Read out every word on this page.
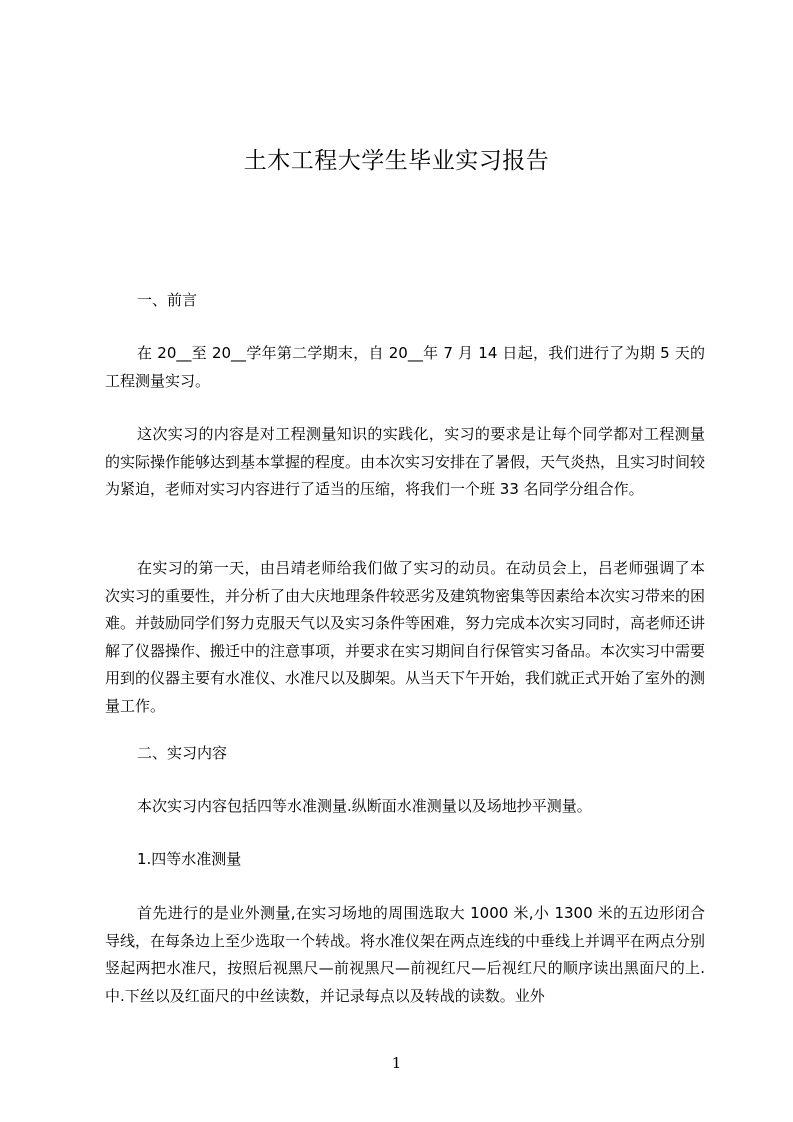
土木工程大学生毕业实习报告
一、前言
在 20__至 20__学年第二学期末，自 20__年 7 月 14 日起，我们进行了为期 5 天的工程测量实习。
这次实习的内容是对工程测量知识的实践化，实习的要求是让每个同学都对工程测量的实际操作能够达到基本掌握的程度。由本次实习安排在了暑假，天气炎热，且实习时间较为紧迫，老师对实习内容进行了适当的压缩，将我们一个班 33 名同学分组合作。
在实习的第一天，由吕靖老师给我们做了实习的动员。在动员会上，吕老师强调了本次实习的重要性，并分析了由大庆地理条件较恶劣及建筑物密集等因素给本次实习带来的困难。并鼓励同学们努力克服天气以及实习条件等困难，努力完成本次实习同时，高老师还讲解了仪器操作、搬迁中的注意事项，并要求在实习期间自行保管实习备品。本次实习中需要用到的仪器主要有水准仪、水准尺以及脚架。从当天下午开始，我们就正式开始了室外的测量工作。
二、实习内容
本次实习内容包括四等水准测量.纵断面水准测量以及场地抄平测量。
1.四等水准测量
首先进行的是业外测量,在实习场地的周围选取大 1000 米,小 1300 米的五边形闭合导线，在每条边上至少选取一个转战。将水准仪架在两点连线的中垂线上并调平在两点分别竖起两把水准尺，按照后视黑尺—前视黑尺—前视红尺—后视红尺的顺序读出黑面尺的上.中.下丝以及红面尺的中丝读数，并记录每点以及转战的读数。业外
1
